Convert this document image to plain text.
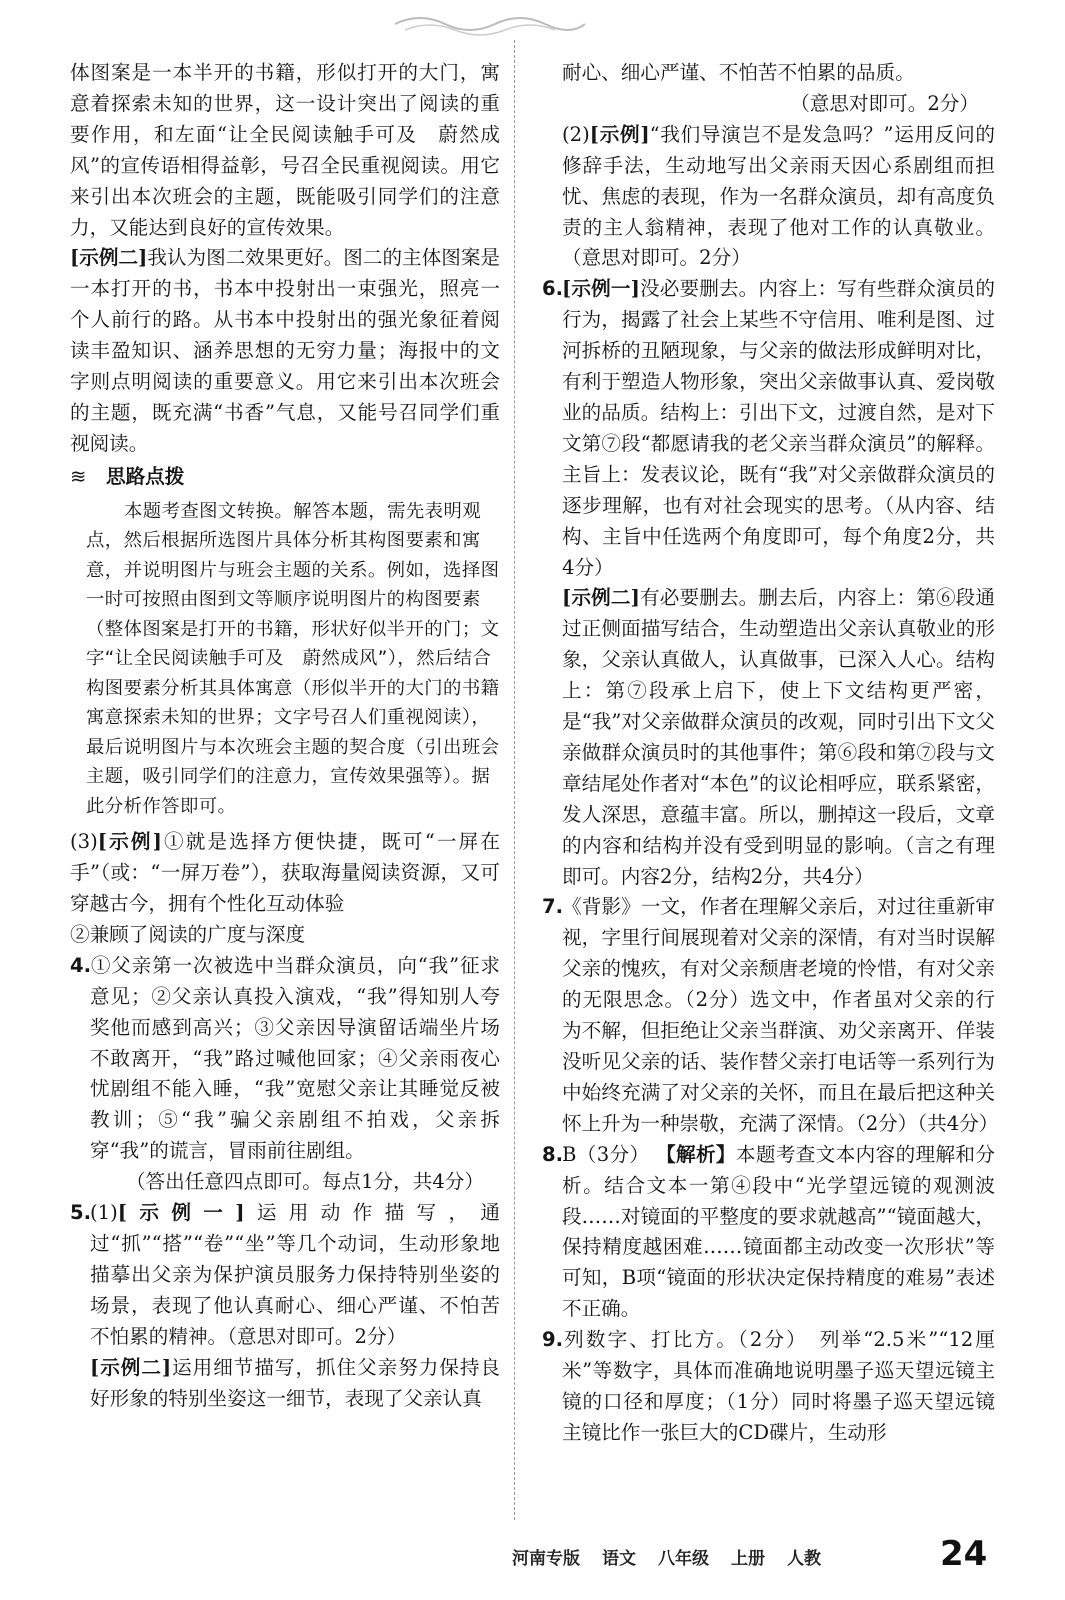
体图案是一本半开的书籍，形似打开的大门，寓意着探索未知的世界，这一设计突出了阅读的重要作用，和左面“让全民阅读触手可及　蔚然成风”的宣传语相得益彰，号召全民重视阅读。用它来引出本次班会的主题，既能吸引同学们的注意力，又能达到良好的宣传效果。

[示例二]我认为图二效果更好。图二的主体图案是一本打开的书，书本中投射出一束强光，照亮一个人前行的路。从书本中投射出的强光象征着阅读丰盈知识、涵养思想的无穷力量；海报中的文字则点明阅读的重要意义。用它来引出本次班会的主题，既充满“书香”气息，又能号召同学们重视阅读。

≋ 思路点拨

本题考查图文转换。解答本题，需先表明观点，然后根据所选图片具体分析其构图要素和寓意，并说明图片与班会主题的关系。例如，选择图一时可按照由图到文等顺序说明图片的构图要素（整体图案是打开的书籍，形状好似半开的门；文字“让全民阅读触手可及　蔚然成风”），然后结合构图要素分析其具体寓意（形似半开的大门的书籍寓意探索未知的世界；文字号召人们重视阅读），最后说明图片与本次班会主题的契合度（引出班会主题，吸引同学们的注意力，宣传效果强等）。据此分析作答即可。

(3)[示例]①就是选择方便快捷，既可“一屏在手”（或：“一屏万卷”），获取海量阅读资源，又可穿越古今，拥有个性化互动体验

②兼顾了阅读的广度与深度

4.①父亲第一次被选中当群众演员，向“我”征求意见；②父亲认真投入演戏，“我”得知别人夸奖他而感到高兴；③父亲因导演留话端坐片场不敢离开，“我”路过喊他回家；④父亲雨夜心忧剧组不能入睡，“我”宽慰父亲让其睡觉反被教训；⑤“我”骗父亲剧组不拍戏，父亲拆穿“我”的谎言，冒雨前往剧组。

（答出任意四点即可。每点1分，共4分）

5.(1)[示例一]运用动作描写，通过“抓”“搭”“卷”“坐”等几个动词，生动形象地描摹出父亲为保护演员服务力保持特别坐姿的场景，表现了他认真耐心、细心严谨、不怕苦不怕累的精神。（意思对即可。2分）

[示例二]运用细节描写，抓住父亲努力保持良好形象的特别坐姿这一细节，表现了父亲认真

耐心、细心严谨、不怕苦不怕累的品质。

（意思对即可。2分）

(2)[示例]“我们导演岂不是发急吗？”运用反问的修辞手法，生动地写出父亲雨天因心系剧组而担忧、焦虑的表现，作为一名群众演员，却有高度负责的主人翁精神，表现了他对工作的认真敬业。（意思对即可。2分）

6.[示例一]没必要删去。内容上：写有些群众演员的行为，揭露了社会上某些不守信用、唯利是图、过河拆桥的丑陋现象，与父亲的做法形成鲜明对比，有利于塑造人物形象，突出父亲做事认真、爱岗敬业的品质。结构上：引出下文，过渡自然，是对下文第⑦段“都愿请我的老父亲当群众演员”的解释。主旨上：发表议论，既有“我”对父亲做群众演员的逐步理解，也有对社会现实的思考。（从内容、结构、主旨中任选两个角度即可，每个角度2分，共4分）

[示例二]有必要删去。删去后，内容上：第⑥段通过正侧面描写结合，生动塑造出父亲认真敬业的形象，父亲认真做人，认真做事，已深入人心。结构上：第⑦段承上启下，使上下文结构更严密，是“我”对父亲做群众演员的改观，同时引出下文父亲做群众演员时的其他事件；第⑥段和第⑦段与文章结尾处作者对“本色”的议论相呼应，联系紧密，发人深思，意蕴丰富。所以，删掉这一段后，文章的内容和结构并没有受到明显的影响。（言之有理即可。内容2分，结构2分，共4分）

7.《背影》一文，作者在理解父亲后，对过往重新审视，字里行间展现着对父亲的深情，有对当时误解父亲的愧疚，有对父亲颓唐老境的怜惜，有对父亲的无限思念。（2分）选文中，作者虽对父亲的行为不解，但拒绝让父亲当群演、劝父亲离开、佯装没听见父亲的话、装作替父亲打电话等一系列行为中始终充满了对父亲的关怀，而且在最后把这种关怀上升为一种崇敬，充满了深情。（2分）（共4分）

8.B（3分） 【解析】本题考查文本内容的理解和分析。结合文本一第④段中“光学望远镜的观测波段……对镜面的平整度的要求就越高”“镜面越大，保持精度越困难……镜面都主动改变一次形状”等可知，B项“镜面的形状决定保持精度的难易”表述不正确。

9.列数字、打比方。（2分）　列举“2.5米”“12厘米”等数字，具体而准确地说明墨子巡天望远镜主镜的口径和厚度；（1分）同时将墨子巡天望远镜主镜比作一张巨大的CD碟片，生动形

河南专版 语文 八年级 上册 人教	24
